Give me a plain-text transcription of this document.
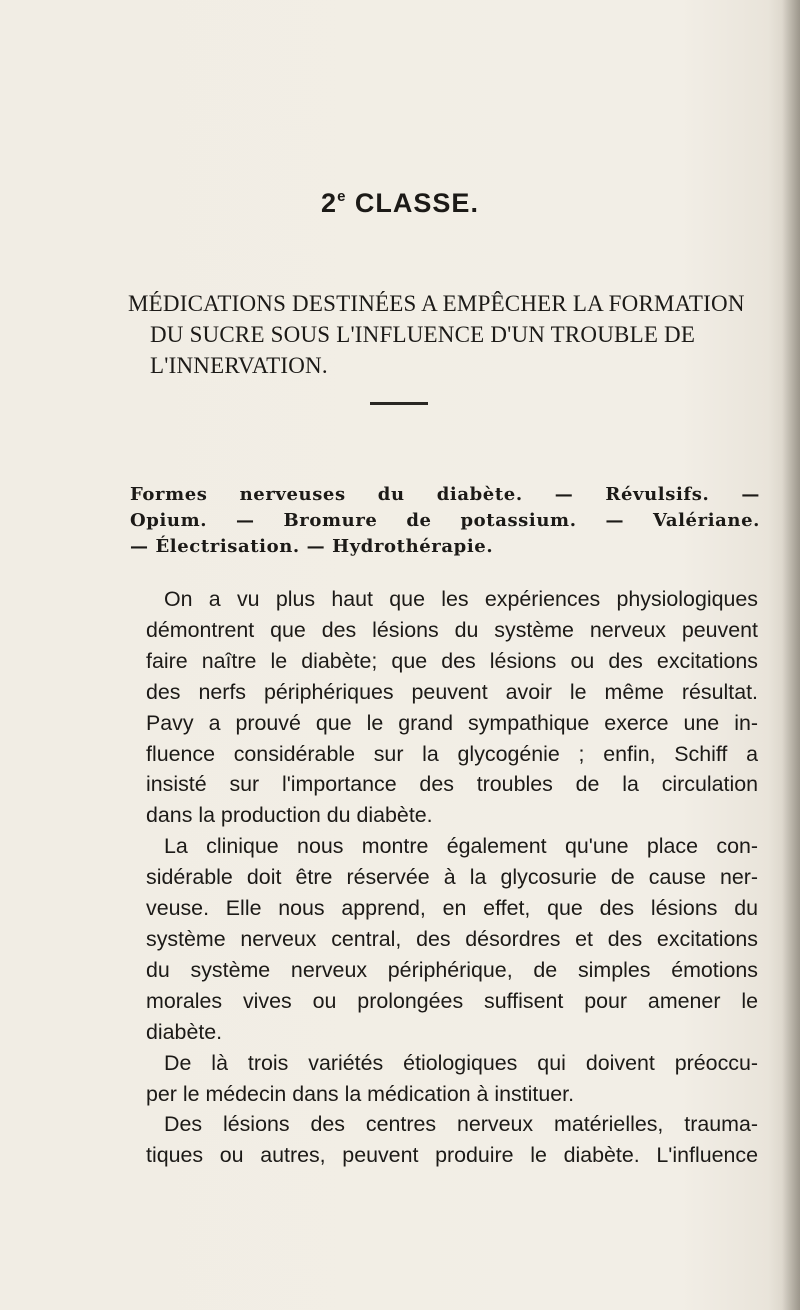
2e CLASSE.
MÉDICATIONS DESTINÉES A EMPÊCHER LA FORMATION
DU SUCRE SOUS L'INFLUENCE D'UN TROUBLE DE
L'INNERVATION.
Formes nerveuses du diabète. — Révulsifs. —
Opium. — Bromure de potassium. — Valériane.
— Électrisation. — Hydrothérapie.
On a vu plus haut que les expériences physiologiques
démontrent que des lésions du système nerveux peuvent
faire naître le diabète; que des lésions ou des excitations
des nerfs périphériques peuvent avoir le même résultat.
Pavy a prouvé que le grand sympathique exerce une in-
fluence considérable sur la glycogénie ; enfin, Schiff a
insisté sur l'importance des troubles de la circulation
dans la production du diabète.
La clinique nous montre également qu'une place con-
sidérable doit être réservée à la glycosurie de cause ner-
veuse. Elle nous apprend, en effet, que des lésions du
système nerveux central, des désordres et des excitations
du système nerveux périphérique, de simples émotions
morales vives ou prolongées suffisent pour amener le
diabète.
De là trois variétés étiologiques qui doivent préoccu-
per le médecin dans la médication à instituer.
Des lésions des centres nerveux matérielles, trauma-
tiques ou autres, peuvent produire le diabète. L'influence
